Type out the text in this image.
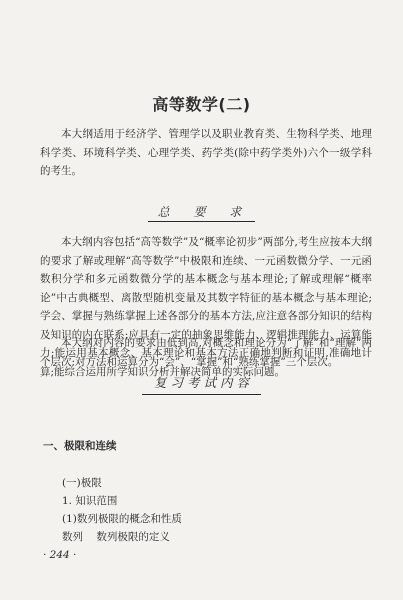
高等数学(二)

本大纲适用于经济学、管理学以及职业教育类、生物科学类、地理科学类、环境科学类、心理学类、药学类(除中药学类外)六个一级学科的考生。

总 要 求

本大纲内容包括“高等数学”及“概率论初步”两部分,考生应按本大纲的要求了解或理解“高等数学”中极限和连续、一元函数微分学、一元函数积分学和多元函数微分学的基本概念与基本理论;了解或理解“概率论”中古典概型、离散型随机变量及其数字特征的基本概念与基本理论;学会、掌握与熟练掌握上述各部分的基本方法,应注意各部分知识的结构及知识的内在联系;应具有一定的抽象思维能力、逻辑推理能力、运算能力;能运用基本概念、基本理论和基本方法正确地判断和证明,准确地计算;能综合运用所学知识分析并解决简单的实际问题。

本大纲对内容的要求由低到高,对概念和理论分为“了解”和“理解”两个层次;对方法和运算分为“会”、“掌握”和“熟练掌握”三个层次。

复习考试内容
一、极限和连续
(一)极限
1. 知识范围
(1)数列极限的概念和性质
数列    数列极限的定义
· 244 ·
